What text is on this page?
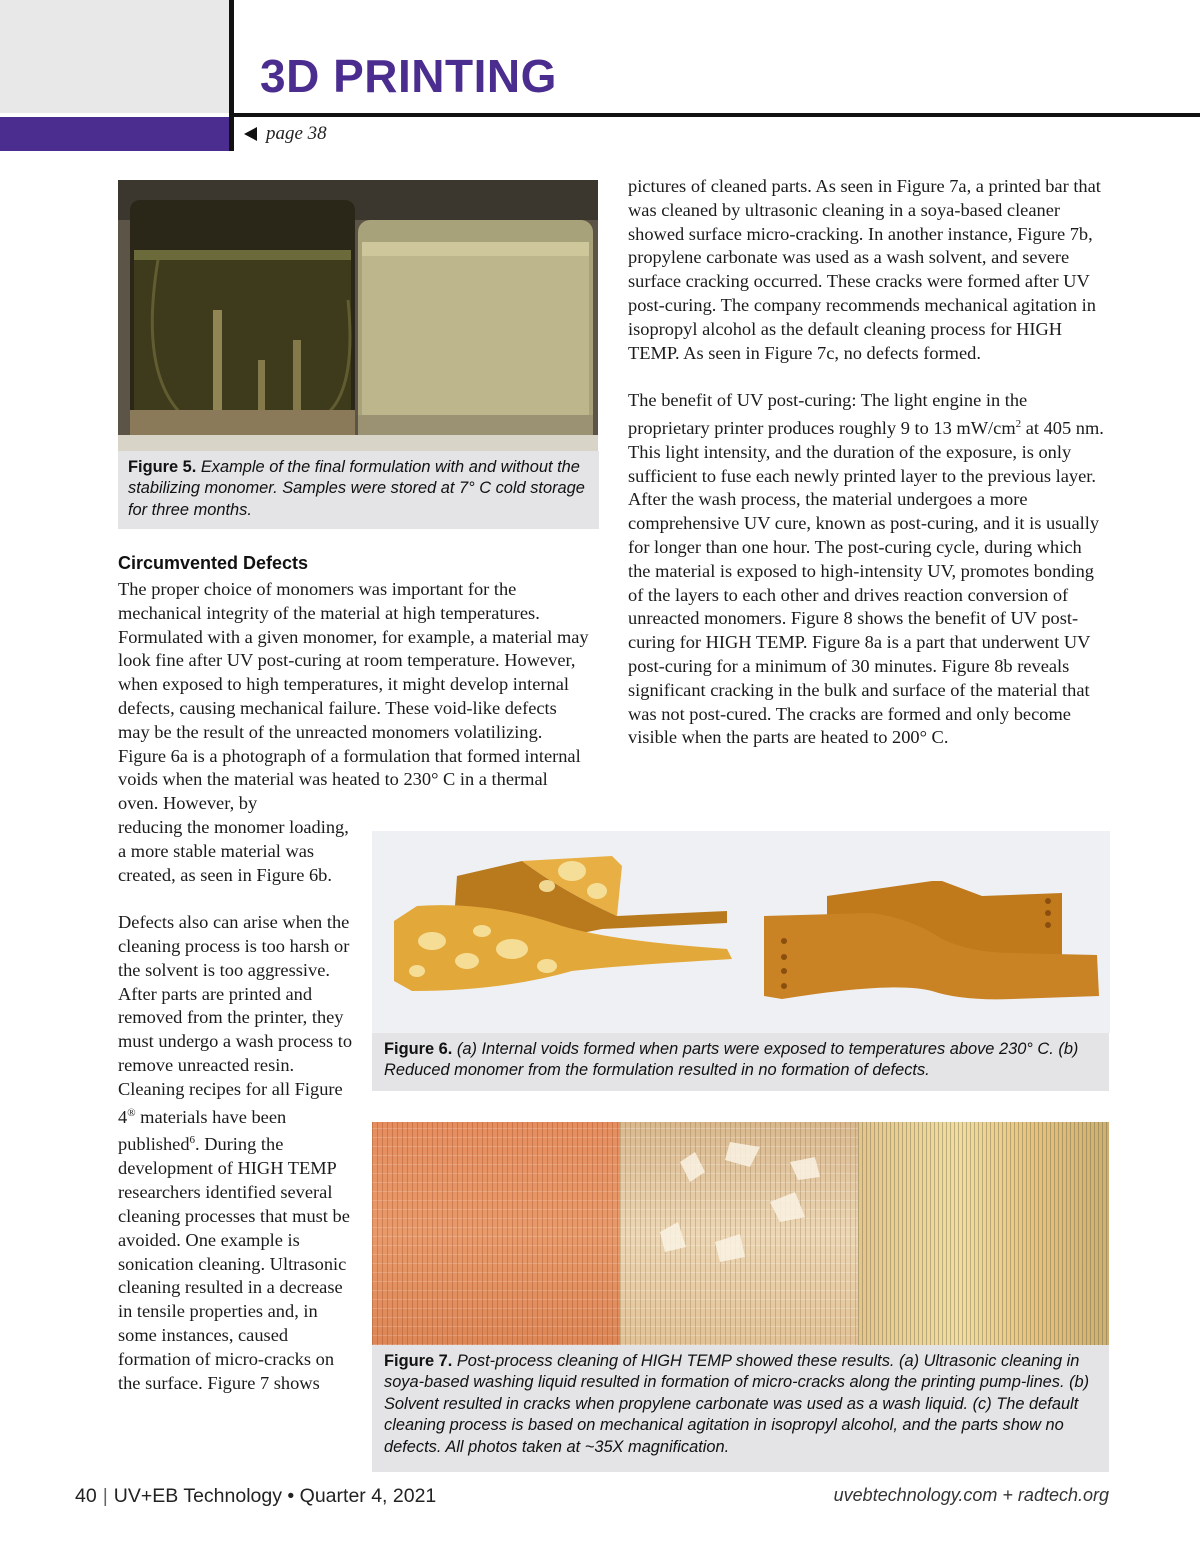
3D PRINTING
page 38
Figure 5. Example of the final formulation with and without the stabilizing monomer. Samples were stored at 7° C cold storage for three months.
Circumvented Defects

The proper choice of monomers was important for the mechanical integrity of the material at high temperatures. Formulated with a given monomer, for example, a material may look fine after UV post-curing at room temperature. However, when exposed to high temperatures, it might develop internal defects, causing mechanical failure. These void-like defects may be the result of the unreacted monomers volatilizing. Figure 6a is a photograph of a formulation that formed internal voids when the material was heated to 230° C in a thermal oven. However, by

reducing the monomer loading, a more stable material was created, as seen in Figure 6b.

Defects also can arise when the cleaning process is too harsh or the solvent is too aggressive. After parts are printed and removed from the printer, they must undergo a wash process to remove unreacted resin. Cleaning recipes for all Figure 4® materials have been published$^6$. During the development of HIGH TEMP researchers identified several cleaning processes that must be avoided. One example is sonication cleaning. Ultrasonic cleaning resulted in a decrease in tensile properties and, in some instances, caused formation of micro-cracks on the surface. Figure 7 shows

pictures of cleaned parts. As seen in Figure 7a, a printed bar that was cleaned by ultrasonic cleaning in a soya-based cleaner showed surface micro-cracking. In another instance, Figure 7b, propylene carbonate was used as a wash solvent, and severe surface cracking occurred. These cracks were formed after UV post-curing. The company recommends mechanical agitation in isopropyl alcohol as the default cleaning process for HIGH TEMP. As seen in Figure 7c, no defects formed.

The benefit of UV post-curing: The light engine in the proprietary printer produces roughly 9 to 13 $mW/cm^2$ at 405 nm. This light intensity, and the duration of the exposure, is only sufficient to fuse each newly printed layer to the previous layer. After the wash process, the material undergoes a more comprehensive UV cure, known as post-curing, and it is usually for longer than one hour. The post-curing cycle, during which the material is exposed to high-intensity UV, promotes bonding of the layers to each other and drives reaction conversion of unreacted monomers. Figure 8 shows the benefit of UV post-curing for HIGH TEMP. Figure 8a is a part that underwent UV post-curing for a minimum of 30 minutes. Figure 8b reveals significant cracking in the bulk and surface of the material that was not post-cured. The cracks are formed and only become visible when the parts are heated to 200° C.

Figure 6. (a) Internal voids formed when parts were exposed to temperatures above 230° C. (b) Reduced monomer from the formulation resulted in no formation of defects.
Figure 7. Post-process cleaning of HIGH TEMP showed these results. (a) Ultrasonic cleaning in soya-based washing liquid resulted in formation of micro-cracks along the printing pump-lines. (b) Solvent resulted in cracks when propylene carbonate was used as a wash liquid. (c) The default cleaning process is based on mechanical agitation in isopropyl alcohol, and the parts show no defects. All photos taken at ~35X magnification.
40 | UV+EB Technology • Quarter 4, 2021	uvebtechnology.com + radtech.org
